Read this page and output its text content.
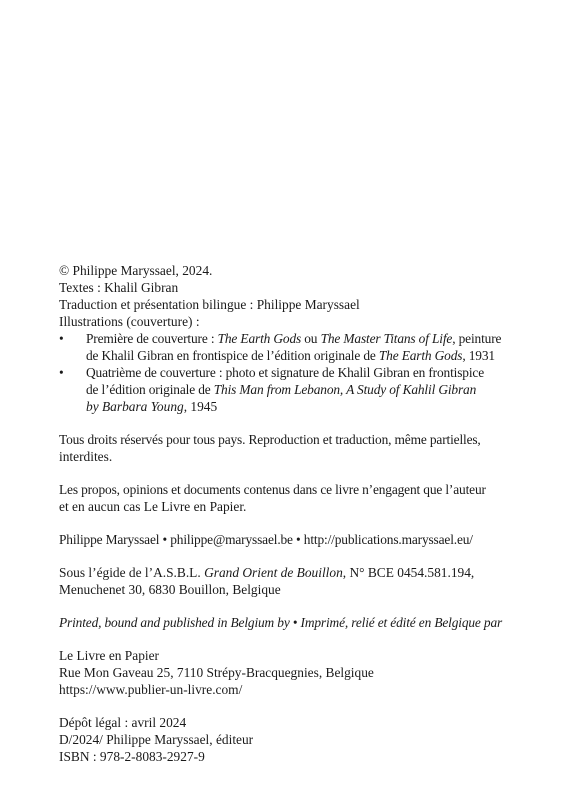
© Philippe Maryssael, 2024.
Textes : Khalil Gibran
Traduction et présentation bilingue : Philippe Maryssael
Illustrations (couverture) :
• Première de couverture : The Earth Gods ou The Master Titans of Life, peinture
de Khalil Gibran en frontispice de l’édition originale de The Earth Gods, 1931
• Quatrième de couverture : photo et signature de Khalil Gibran en frontispice
de l’édition originale de This Man from Lebanon, A Study of Kahlil Gibran
by Barbara Young, 1945
Tous droits réservés pour tous pays. Reproduction et traduction, même partielles,
interdites.
Les propos, opinions et documents contenus dans ce livre n’engagent que l’auteur
et en aucun cas Le Livre en Papier.
Philippe Maryssael • philippe@maryssael.be • http://publications.maryssael.eu/
Sous l’égide de l’A.S.B.L. Grand Orient de Bouillon, N° BCE 0454.581.194,
Menuchenet 30, 6830 Bouillon, Belgique
Printed, bound and published in Belgium by • Imprimé, relié et édité en Belgique par
Le Livre en Papier
Rue Mon Gaveau 25, 7110 Strépy-Bracquegnies, Belgique
https://www.publier-un-livre.com/
Dépôt légal : avril 2024
D/2024/ Philippe Maryssael, éditeur
ISBN : 978-2-8083-2927-9
